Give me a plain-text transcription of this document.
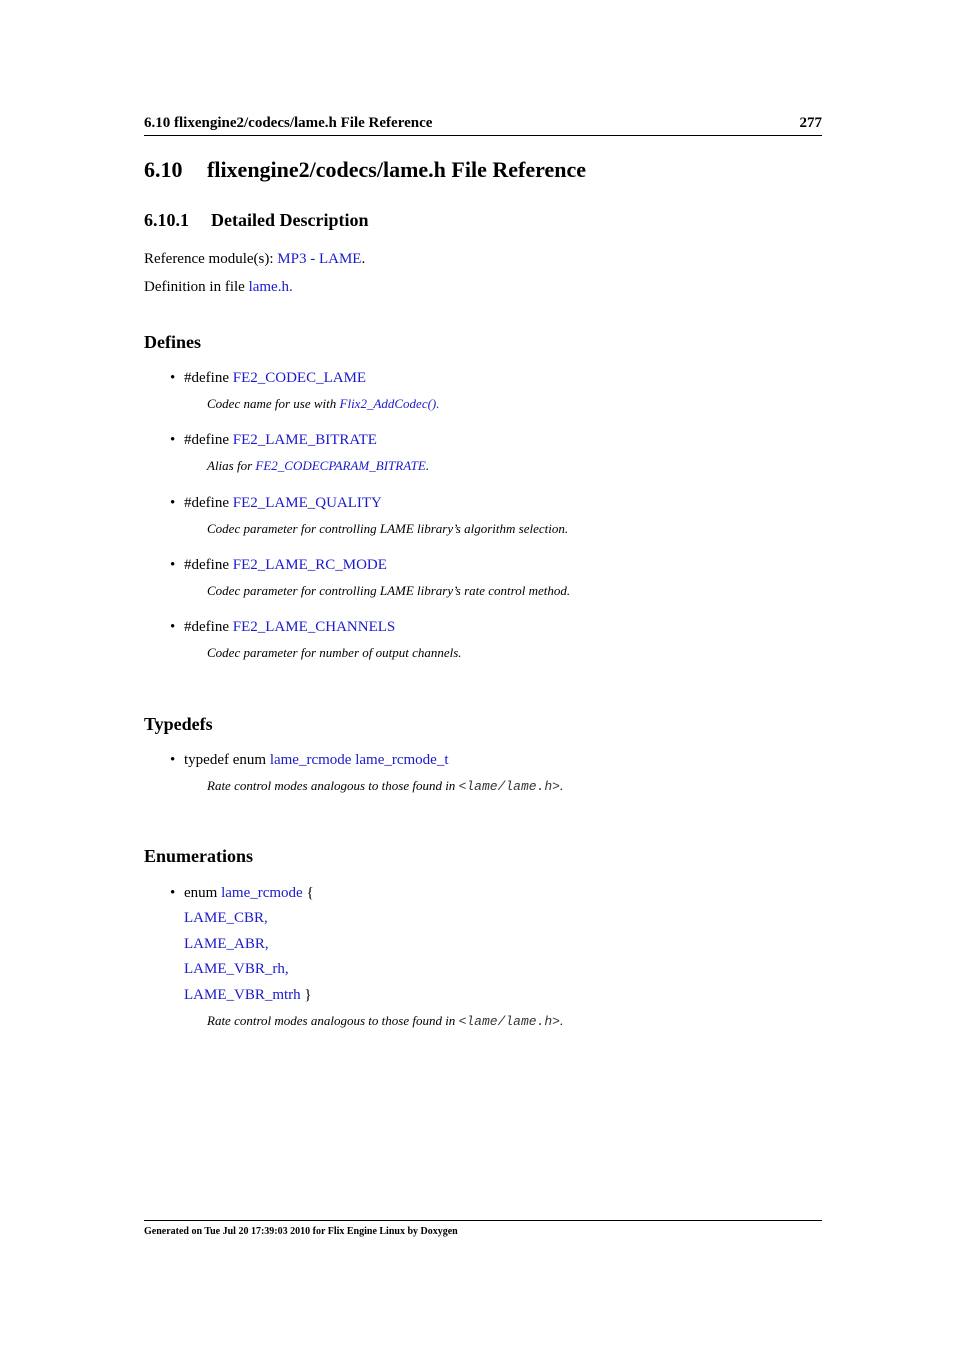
6.10 flixengine2/codecs/lame.h File Reference	277
6.10 flixengine2/codecs/lame.h File Reference
6.10.1 Detailed Description
Reference module(s): MP3 - LAME.
Definition in file lame.h.
Defines
• #define FE2_CODEC_LAME
Codec name for use with Flix2_AddCodec().
• #define FE2_LAME_BITRATE
Alias for FE2_CODECPARAM_BITRATE.
• #define FE2_LAME_QUALITY
Codec parameter for controlling LAME library’s algorithm selection.
• #define FE2_LAME_RC_MODE
Codec parameter for controlling LAME library’s rate control method.
• #define FE2_LAME_CHANNELS
Codec parameter for number of output channels.
Typedefs
• typedef enum lame_rcmode lame_rcmode_t
Rate control modes analogous to those found in <lame/lame.h>.
Enumerations
• enum lame_rcmode {
LAME_CBR,
LAME_ABR,
LAME_VBR_rh,
LAME_VBR_mtrh }
Rate control modes analogous to those found in <lame/lame.h>.
Generated on Tue Jul 20 17:39:03 2010 for Flix Engine Linux by Doxygen
